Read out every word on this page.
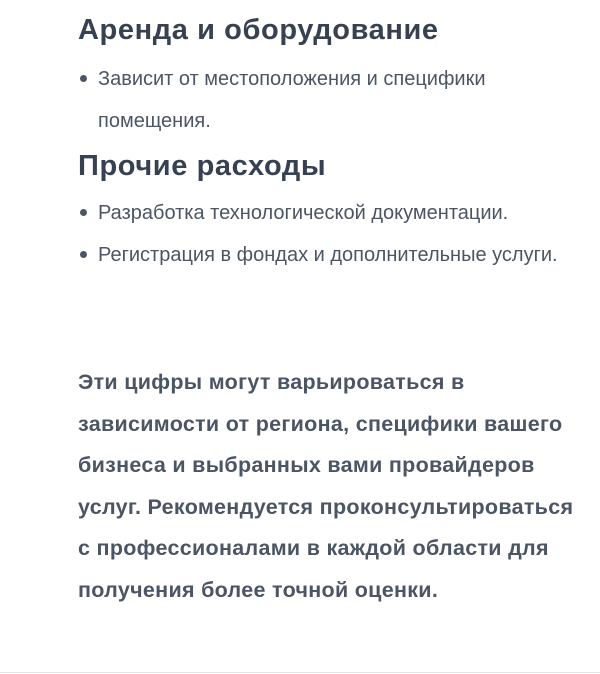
Аренда и оборудование
Зависит от местоположения и специфики помещения.
Прочие расходы
Разработка технологической документации.
Регистрация в фондах и дополнительные услуги.

Эти цифры могут варьироваться в зависимости от региона, специфики вашего бизнеса и выбранных вами провайдеров услуг. Рекомендуется проконсультироваться с профессионалами в каждой области для получения более точной оценки.
